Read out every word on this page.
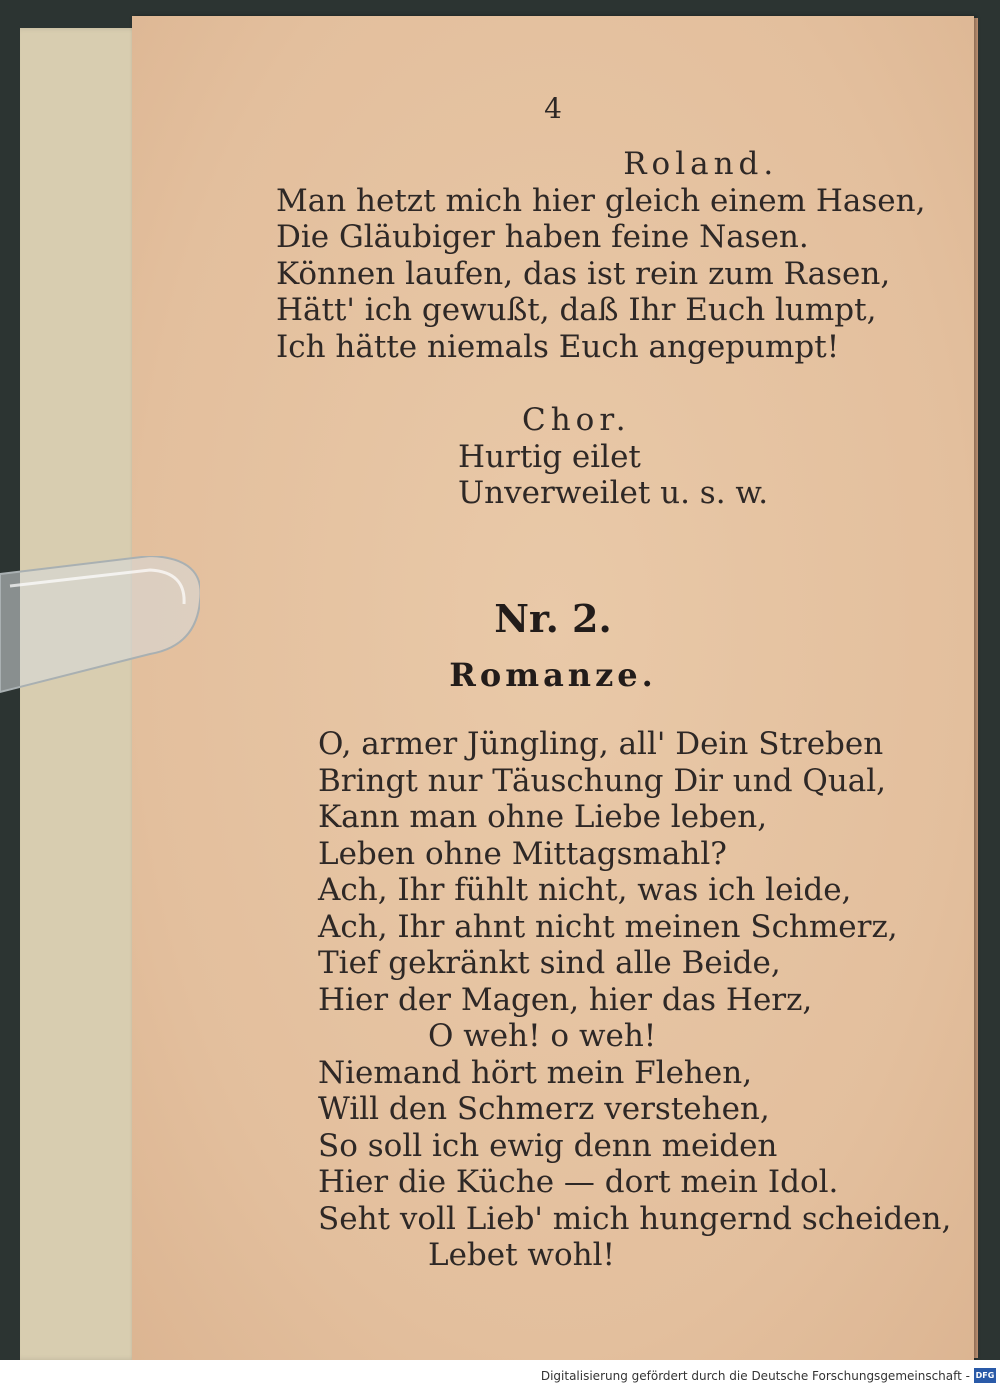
4
Roland.
Man hetzt mich hier gleich einem Hasen,
Die Gläubiger haben feine Nasen.
Können laufen, das ist rein zum Rasen,
Hätt' ich gewußt, daß Ihr Euch lumpt,
Ich hätte niemals Euch angepumpt!
Chor.
Hurtig eilet
Unverweilet u. s. w.
Nr. 2.
Romanze.
O, armer Jüngling, all' Dein Streben
Bringt nur Täuschung Dir und Qual,
Kann man ohne Liebe leben,
Leben ohne Mittagsmahl?
Ach, Ihr fühlt nicht, was ich leide,
Ach, Ihr ahnt nicht meinen Schmerz,
Tief gekränkt sind alle Beide,
Hier der Magen, hier das Herz,
O weh! o weh!
Niemand hört mein Flehen,
Will den Schmerz verstehen,
So soll ich ewig denn meiden
Hier die Küche — dort mein Idol.
Seht voll Lieb' mich hungernd scheiden,
Lebet wohl!
Digitalisierung gefördert durch die Deutsche Forschungsgemeinschaft - DFG
